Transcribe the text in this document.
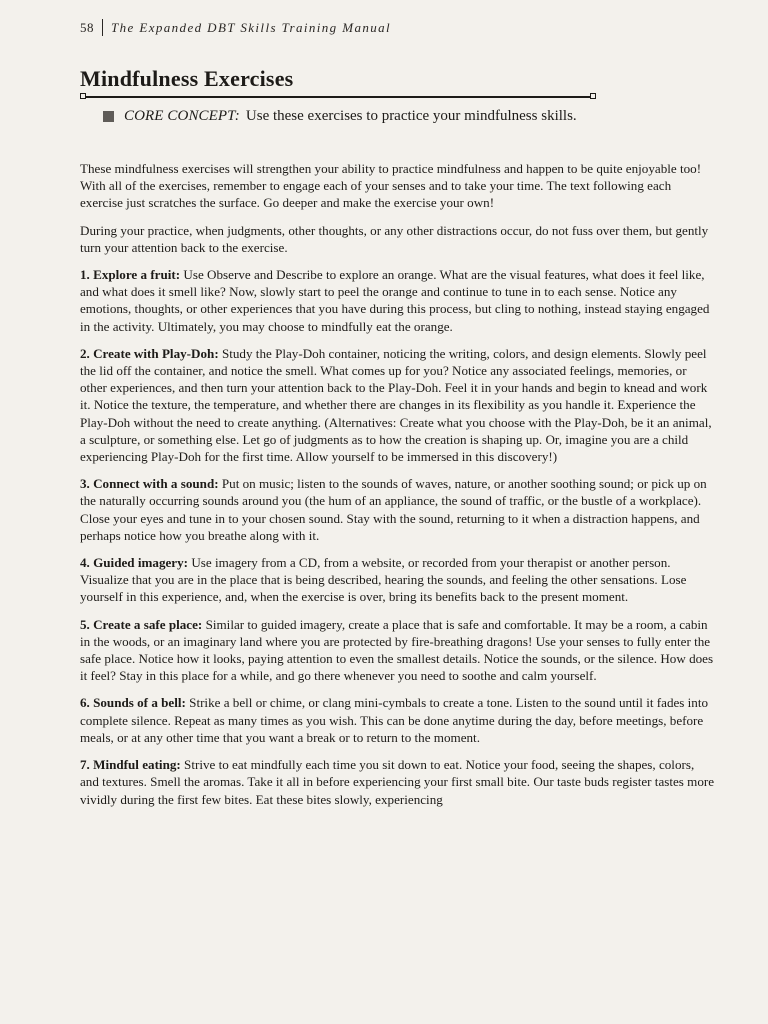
58 The Expanded DBT Skills Training Manual
Mindfulness Exercises
CORE CONCEPT: Use these exercises to practice your mindfulness skills.

These mindfulness exercises will strengthen your ability to practice mindfulness and happen to be quite enjoyable too! With all of the exercises, remember to engage each of your senses and to take your time. The text following each exercise just scratches the surface. Go deeper and make the exercise your own!

During your practice, when judgments, other thoughts, or any other distractions occur, do not fuss over them, but gently turn your attention back to the exercise.

1. Explore a fruit: Use Observe and Describe to explore an orange. What are the visual features, what does it feel like, and what does it smell like? Now, slowly start to peel the orange and continue to tune in to each sense. Notice any emotions, thoughts, or other experiences that you have during this process, but cling to nothing, instead staying engaged in the activity. Ultimately, you may choose to mindfully eat the orange.

2. Create with Play-Doh: Study the Play-Doh container, noticing the writing, colors, and design elements. Slowly peel the lid off the container, and notice the smell. What comes up for you? Notice any associated feelings, memories, or other experiences, and then turn your attention back to the Play-Doh. Feel it in your hands and begin to knead and work it. Notice the texture, the temperature, and whether there are changes in its flexibility as you handle it. Experience the Play-Doh without the need to create anything. (Alternatives: Create what you choose with the Play-Doh, be it an animal, a sculpture, or something else. Let go of judgments as to how the creation is shaping up. Or, imagine you are a child experiencing Play-Doh for the first time. Allow yourself to be immersed in this discovery!)

3. Connect with a sound: Put on music; listen to the sounds of waves, nature, or another soothing sound; or pick up on the naturally occurring sounds around you (the hum of an appliance, the sound of traffic, or the bustle of a workplace). Close your eyes and tune in to your chosen sound. Stay with the sound, returning to it when a distraction happens, and perhaps notice how you breathe along with it.

4. Guided imagery: Use imagery from a CD, from a website, or recorded from your therapist or another person. Visualize that you are in the place that is being described, hearing the sounds, and feeling the other sensations. Lose yourself in this experience, and, when the exercise is over, bring its benefits back to the present moment.

5. Create a safe place: Similar to guided imagery, create a place that is safe and comfortable. It may be a room, a cabin in the woods, or an imaginary land where you are protected by fire-breathing dragons! Use your senses to fully enter the safe place. Notice how it looks, paying attention to even the smallest details. Notice the sounds, or the silence. How does it feel? Stay in this place for a while, and go there whenever you need to soothe and calm yourself.

6. Sounds of a bell: Strike a bell or chime, or clang mini-cymbals to create a tone. Listen to the sound until it fades into complete silence. Repeat as many times as you wish. This can be done anytime during the day, before meetings, before meals, or at any other time that you want a break or to return to the moment.

7. Mindful eating: Strive to eat mindfully each time you sit down to eat. Notice your food, seeing the shapes, colors, and textures. Smell the aromas. Take it all in before experiencing your first small bite. Our taste buds register tastes more vividly during the first few bites. Eat these bites slowly, experiencing
